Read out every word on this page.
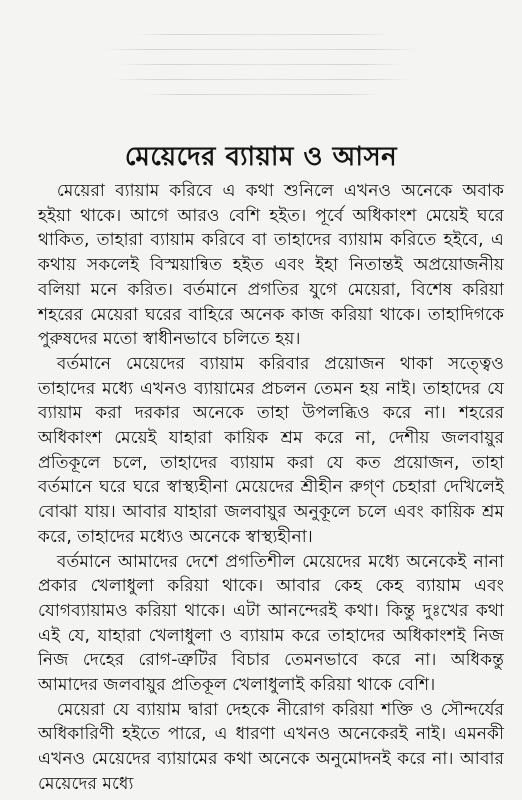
মেয়েদের ব্যায়াম ও আসন

মেয়েরা ব্যায়াম করিবে এ কথা শুনিলে এখনও অনেকে অবাক হইয়া থাকে। আগে আরও বেশি হইত। পূর্বে অধিকাংশ মেয়েই ঘরে থাকিত, তাহারা ব্যায়াম করিবে বা তাহাদের ব্যায়াম করিতে হইবে, এ কথায় সকলেই বিস্ময়ান্বিত হইত এবং ইহা নিতান্তই অপ্রয়োজনীয় বলিয়া মনে করিত। বর্তমানে প্রগতির যুগে মেয়েরা, বিশেষ করিয়া শহরের মেয়েরা ঘরের বাহিরে অনেক কাজ করিয়া থাকে। তাহাদিগকে পুরুষদের মতো স্বাধীনভাবে চলিতে হয়।

বর্তমানে মেয়েদের ব্যায়াম করিবার প্রয়োজন থাকা সত্ত্বেও তাহাদের মধ্যে এখনও ব্যায়ামের প্রচলন তেমন হয় নাই। তাহাদের যে ব্যায়াম করা দরকার অনেকে তাহা উপলব্ধিও করে না। শহরের অধিকাংশ মেয়েই যাহারা কায়িক শ্রম করে না, দেশীয় জলবায়ুর প্রতিকূলে চলে, তাহাদের ব্যায়াম করা যে কত প্রয়োজন, তাহা বর্তমানে ঘরে ঘরে স্বাস্থ্যহীনা মেয়েদের শ্রীহীন রুগ্ণ চেহারা দেখিলেই বোঝা যায়। আবার যাহারা জলবায়ুর অনুকূলে চলে এবং কায়িক শ্রম করে, তাহাদের মধ্যেও অনেকে স্বাস্থ্যহীনা।

বর্তমানে আমাদের দেশে প্রগতিশীল মেয়েদের মধ্যে অনেকেই নানা প্রকার খেলাধুলা করিয়া থাকে। আবার কেহ কেহ ব্যায়াম এবং যোগব্যায়ামও করিয়া থাকে। এটা আনন্দেরই কথা। কিন্তু দুঃখের কথা এই যে, যাহারা খেলাধুলা ও ব্যায়াম করে তাহাদের অধিকাংশই নিজ নিজ দেহের রোগ-ত্রুটির বিচার তেমনভাবে করে না। অধিকন্তু আমাদের জলবায়ুর প্রতিকূল খেলাধুলাই করিয়া থাকে বেশি।

মেয়েরা যে ব্যায়াম দ্বারা দেহকে নীরোগ করিয়া শক্তি ও সৌন্দর্যের অধিকারিণী হইতে পারে, এ ধারণা এখনও অনেকেরই নাই। এমনকী এখনও মেয়েদের ব্যায়ামের কথা অনেকে অনুমোদনই করে না। আবার মেয়েদের মধ্যে
